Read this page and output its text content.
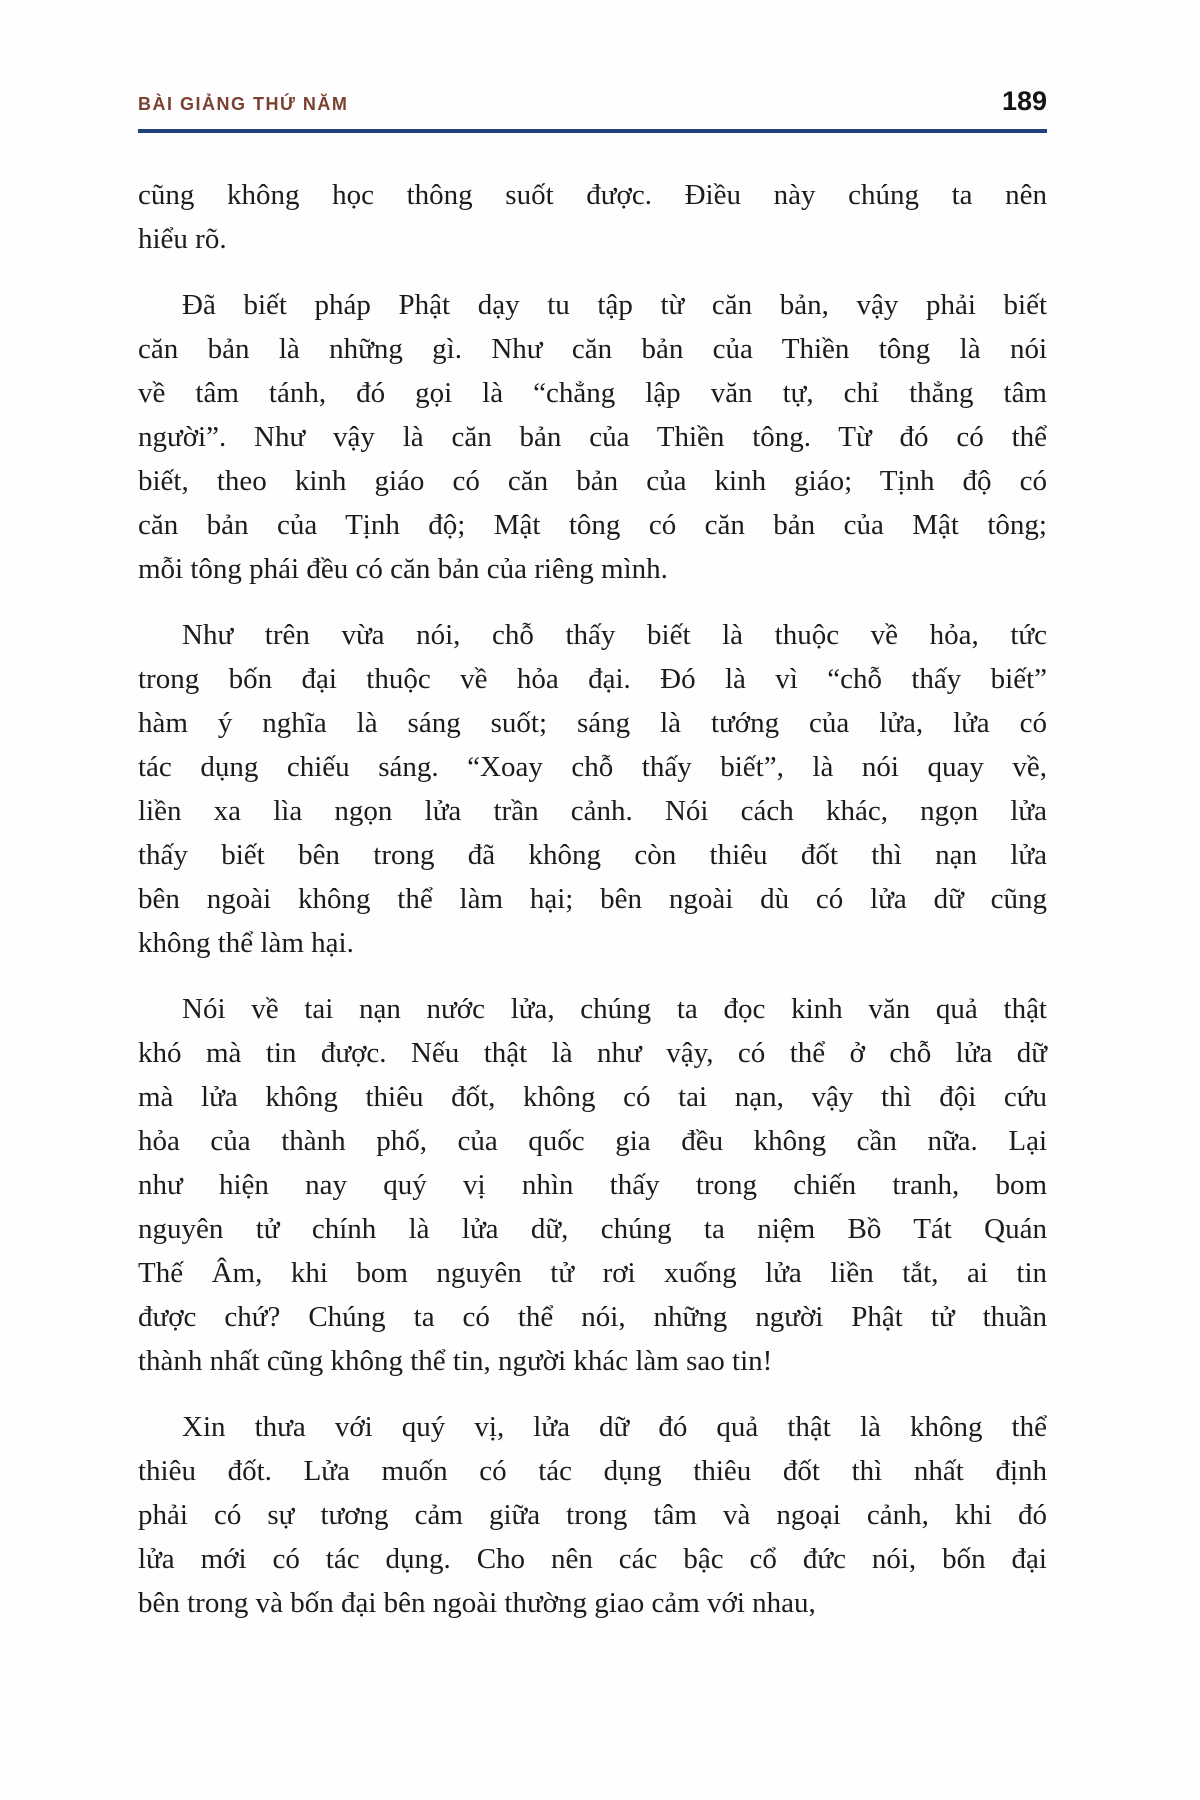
BÀI GIẢNG THỨ NĂM	189

cũng không học thông suốt được. Điều này chúng ta nên
hiểu rõ.

Đã biết pháp Phật dạy tu tập từ căn bản, vậy phải biết
căn bản là những gì. Như căn bản của Thiền tông là nói
về tâm tánh, đó gọi là “chẳng lập văn tự, chỉ thẳng tâm
người”. Như vậy là căn bản của Thiền tông. Từ đó có thể
biết, theo kinh giáo có căn bản của kinh giáo; Tịnh độ có
căn bản của Tịnh độ; Mật tông có căn bản của Mật tông;
mỗi tông phái đều có căn bản của riêng mình.

Như trên vừa nói, chỗ thấy biết là thuộc về hỏa, tức
trong bốn đại thuộc về hỏa đại. Đó là vì “chỗ thấy biết”
hàm ý nghĩa là sáng suốt; sáng là tướng của lửa, lửa có
tác dụng chiếu sáng. “Xoay chỗ thấy biết”, là nói quay về,
liền xa lìa ngọn lửa trần cảnh. Nói cách khác, ngọn lửa
thấy biết bên trong đã không còn thiêu đốt thì nạn lửa
bên ngoài không thể làm hại; bên ngoài dù có lửa dữ cũng
không thể làm hại.

Nói về tai nạn nước lửa, chúng ta đọc kinh văn quả thật
khó mà tin được. Nếu thật là như vậy, có thể ở chỗ lửa dữ
mà lửa không thiêu đốt, không có tai nạn, vậy thì đội cứu
hỏa của thành phố, của quốc gia đều không cần nữa. Lại
như hiện nay quý vị nhìn thấy trong chiến tranh, bom
nguyên tử chính là lửa dữ, chúng ta niệm Bồ Tát Quán
Thế Âm, khi bom nguyên tử rơi xuống lửa liền tắt, ai tin
được chứ? Chúng ta có thể nói, những người Phật tử thuần
thành nhất cũng không thể tin, người khác làm sao tin!

Xin thưa với quý vị, lửa dữ đó quả thật là không thể
thiêu đốt. Lửa muốn có tác dụng thiêu đốt thì nhất định
phải có sự tương cảm giữa trong tâm và ngoại cảnh, khi đó
lửa mới có tác dụng. Cho nên các bậc cổ đức nói, bốn đại
bên trong và bốn đại bên ngoài thường giao cảm với nhau,
